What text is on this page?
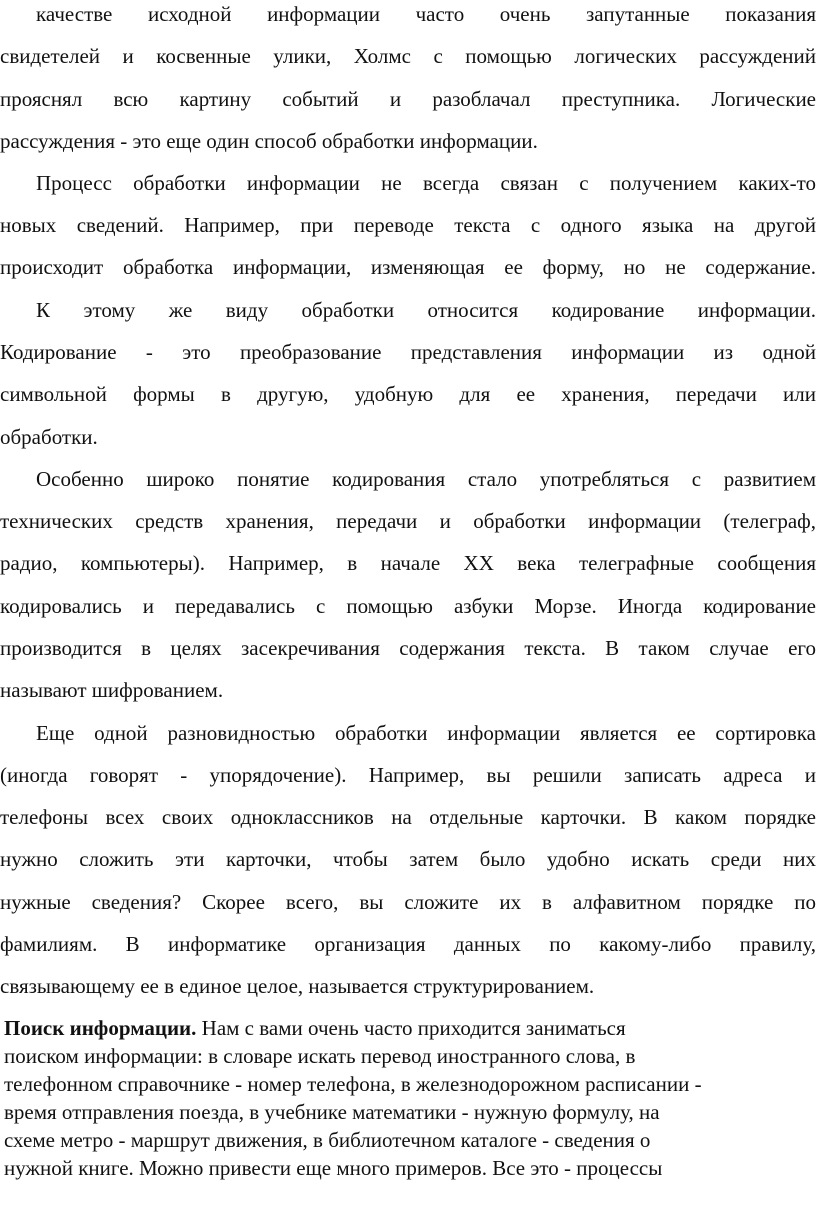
качестве исходной информации часто очень запутанные показания
свидетелей и косвенные улики, Холмс с помощью логических рассуждений
прояснял всю картину событий и разоблачал преступника. Логические
рассуждения - это еще один способ обработки информации.
Процесс обработки информации не всегда связан с получением каких-то
новых сведений. Например, при переводе текста с одного языка на другой
происходит обработка информации, изменяющая ее форму, но не содержание.
К этому же виду обработки относится кодирование информации.
Кодирование - это преобразование представления информации из одной
символьной формы в другую, удобную для ее хранения, передачи или
обработки.
Особенно широко понятие кодирования стало употребляться с развитием
технических средств хранения, передачи и обработки информации (телеграф,
радио, компьютеры). Например, в начале XX века телеграфные сообщения
кодировались и передавались с помощью азбуки Морзе. Иногда кодирование
производится в целях засекречивания содержания текста. В таком случае его
называют шифрованием.
Еще одной разновидностью обработки информации является ее сортировка
(иногда говорят - упорядочение). Например, вы решили записать адреса и
телефоны всех своих одноклассников на отдельные карточки. В каком порядке
нужно сложить эти карточки, чтобы затем было удобно искать среди них
нужные сведения? Скорее всего, вы сложите их в алфавитном порядке по
фамилиям. В информатике организация данных по какому-либо правилу,
связывающему ее в единое целое, называется структурированием.
Поиск информации. Нам с вами очень часто приходится заниматься
поиском информации: в словаре искать перевод иностранного слова, в
телефонном справочнике - номер телефона, в железнодорожном расписании -
время отправления поезда, в учебнике математики - нужную формулу, на
схеме метро - маршрут движения, в библиотечном каталоге - сведения о
нужной книге. Можно привести еще много примеров. Все это - процессы
